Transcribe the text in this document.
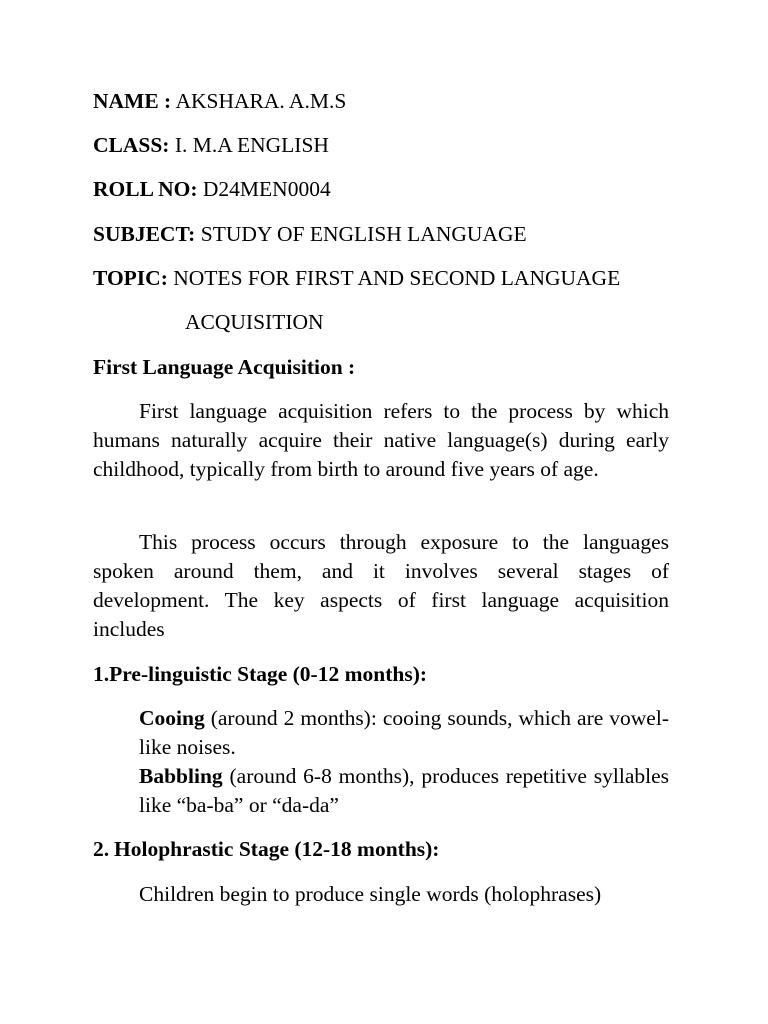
NAME : AKSHARA. A.M.S
CLASS: I. M.A ENGLISH
ROLL NO: D24MEN0004
SUBJECT: STUDY OF ENGLISH LANGUAGE
TOPIC: NOTES FOR FIRST AND SECOND LANGUAGE
ACQUISITION
First Language Acquisition :
First language acquisition refers to the process by which humans naturally acquire their native language(s) during early childhood, typically from birth to around five years of age.
This process occurs through exposure to the languages spoken around them, and it involves several stages of development. The key aspects of first language acquisition includes
1.Pre-linguistic Stage (0-12 months):
Cooing (around 2 months): cooing sounds, which are vowel-like noises.
Babbling (around 6-8 months), produces repetitive syllables like “ba-ba” or “da-da”
2. Holophrastic Stage (12-18 months):
Children begin to produce single words (holophrases)
